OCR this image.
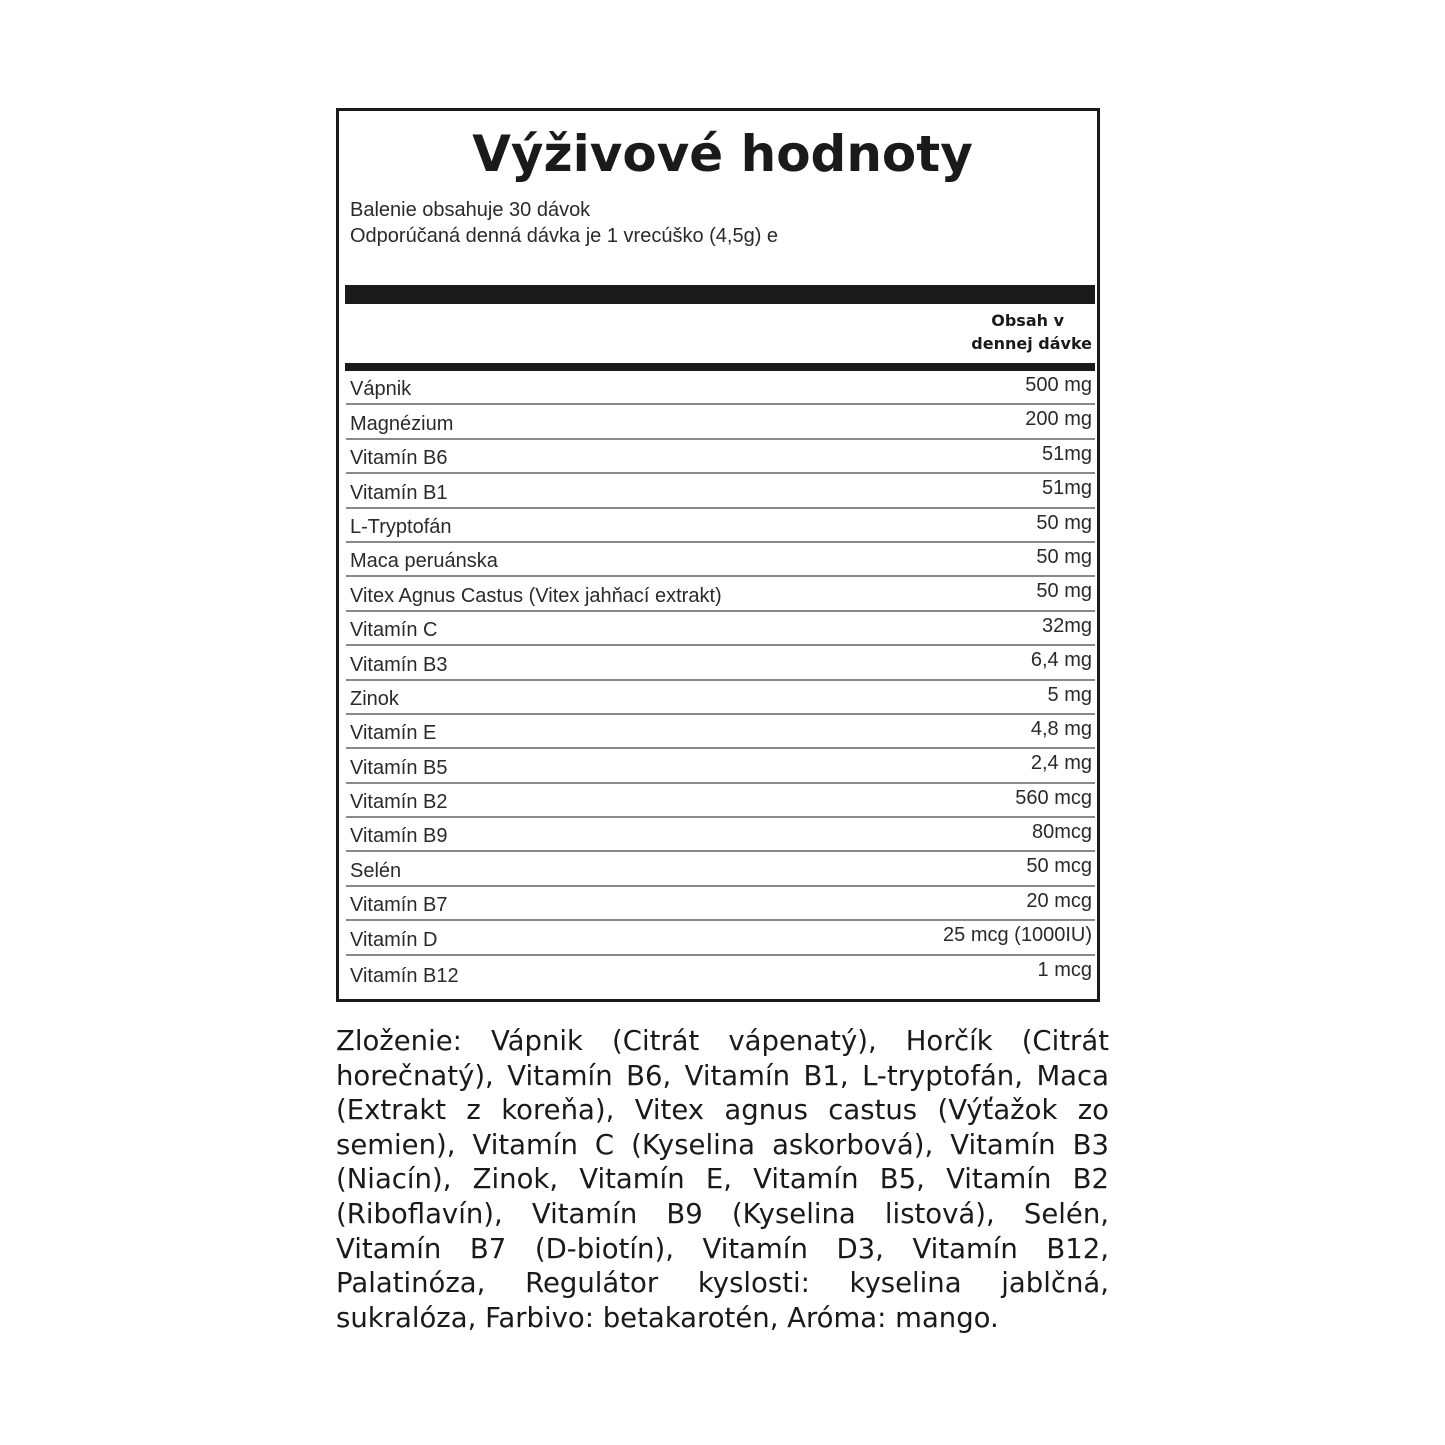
Výživové hodnoty
Balenie obsahuje 30 dávok
Odporúčaná denná dávka je 1 vrecúško (4,5g) e
Obsah v
dennej dávke
Vápnik	500 mg
Magnézium	200 mg
Vitamín B6	51mg
Vitamín B1	51mg
L-Tryptofán	50 mg
Maca peruánska	50 mg
Vitex Agnus Castus (Vitex jahňací extrakt)	50 mg
Vitamín C	32mg
Vitamín B3	6,4 mg
Zinok	5 mg
Vitamín E	4,8 mg
Vitamín B5	2,4 mg
Vitamín B2	560 mcg
Vitamín B9	80mcg
Selén	50 mcg
Vitamín B7	20 mcg
Vitamín D	25 mcg (1000IU)
Vitamín B12	1 mcg
Zloženie: Vápnik (Citrát vápenatý), Horčík (Citrát horečnatý), Vitamín B6, Vitamín B1, L-tryptofán, Maca (Extrakt z koreňa), Vitex agnus castus (Výťažok zo semien), Vitamín C (Kyselina askorbová), Vitamín B3 (Niacín), Zinok, Vitamín E, Vitamín B5, Vitamín B2 (Riboflavín), Vitamín B9 (Kyselina listová), Selén, Vitamín B7 (D-biotín), Vitamín D3, Vitamín B12, Palatinóza, Regulátor kyslosti: kyselina jablčná, sukralóza, Farbivo: betakarotén, Aróma: mango.
